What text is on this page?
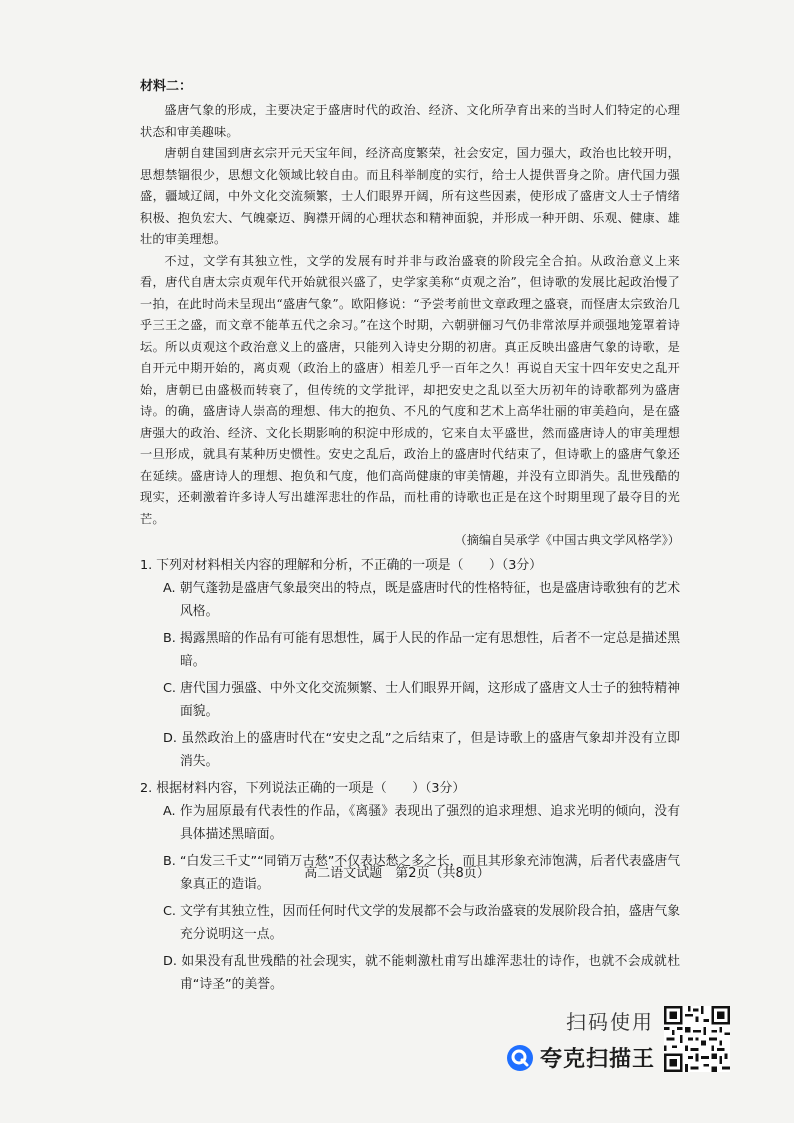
材料二：

盛唐气象的形成，主要决定于盛唐时代的政治、经济、文化所孕育出来的当时人们特定的心理状态和审美趣味。

唐朝自建国到唐玄宗开元天宝年间，经济高度繁荣，社会安定，国力强大，政治也比较开明，思想禁锢很少，思想文化领域比较自由。而且科举制度的实行，给士人提供晋身之阶。唐代国力强盛，疆域辽阔，中外文化交流频繁，士人们眼界开阔，所有这些因素，使形成了盛唐文人士子情绪积极、抱负宏大、气魄豪迈、胸襟开阔的心理状态和精神面貌，并形成一种开朗、乐观、健康、雄壮的审美理想。

不过，文学有其独立性，文学的发展有时并非与政治盛衰的阶段完全合拍。从政治意义上来看，唐代自唐太宗贞观年代开始就很兴盛了，史学家美称“贞观之治”，但诗歌的发展比起政治慢了一拍，在此时尚未呈现出“盛唐气象”。欧阳修说：“予尝考前世文章政理之盛衰，而怪唐太宗致治几乎三王之盛，而文章不能革五代之余习。”在这个时期，六朝骈俪习气仍非常浓厚并顽强地笼罩着诗坛。所以贞观这个政治意义上的盛唐，只能列入诗史分期的初唐。真正反映出盛唐气象的诗歌，是自开元中期开始的，离贞观（政治上的盛唐）相差几乎一百年之久！再说自天宝十四年安史之乱开始，唐朝已由盛极而转衰了，但传统的文学批评，却把安史之乱以至大历初年的诗歌都列为盛唐诗。的确，盛唐诗人崇高的理想、伟大的抱负、不凡的气度和艺术上高华壮丽的审美趋向，是在盛唐强大的政治、经济、文化长期影响的积淀中形成的，它来自太平盛世，然而盛唐诗人的审美理想一旦形成，就具有某种历史惯性。安史之乱后，政治上的盛唐时代结束了，但诗歌上的盛唐气象还在延续。盛唐诗人的理想、抱负和气度，他们高尚健康的审美情趣，并没有立即消失。乱世残酷的现实，还刺激着许多诗人写出雄浑悲壮的作品，而杜甫的诗歌也正是在这个时期里现了最夺目的光芒。

（摘编自吴承学《中国古典文学风格学》）

1. 下列对材料相关内容的理解和分析，不正确的一项是（　　）（3分）

A. 朝气蓬勃是盛唐气象最突出的特点，既是盛唐时代的性格特征，也是盛唐诗歌独有的艺术风格。

B. 揭露黑暗的作品有可能有思想性，属于人民的作品一定有思想性，后者不一定总是描述黑暗。

C. 唐代国力强盛、中外文化交流频繁、士人们眼界开阔，这形成了盛唐文人士子的独特精神面貌。

D. 虽然政治上的盛唐时代在“安史之乱”之后结束了，但是诗歌上的盛唐气象却并没有立即消失。

2. 根据材料内容，下列说法正确的一项是（　　）（3分）

A. 作为屈原最有代表性的作品，《离骚》表现出了强烈的追求理想、追求光明的倾向，没有具体描述黑暗面。

B. “白发三千丈”“同销万古愁”不仅表达愁之多之长，而且其形象充沛饱满，后者代表盛唐气象真正的造诣。

C. 文学有其独立性，因而任何时代文学的发展都不会与政治盛衰的发展阶段合拍，盛唐气象充分说明这一点。

D. 如果没有乱世残酷的社会现实，就不能刺激杜甫写出雄浑悲壮的诗作，也就不会成就杜甫“诗圣”的美誉。

高二语文试题　第2页（共8页）
扫码使用
夸克扫描王
